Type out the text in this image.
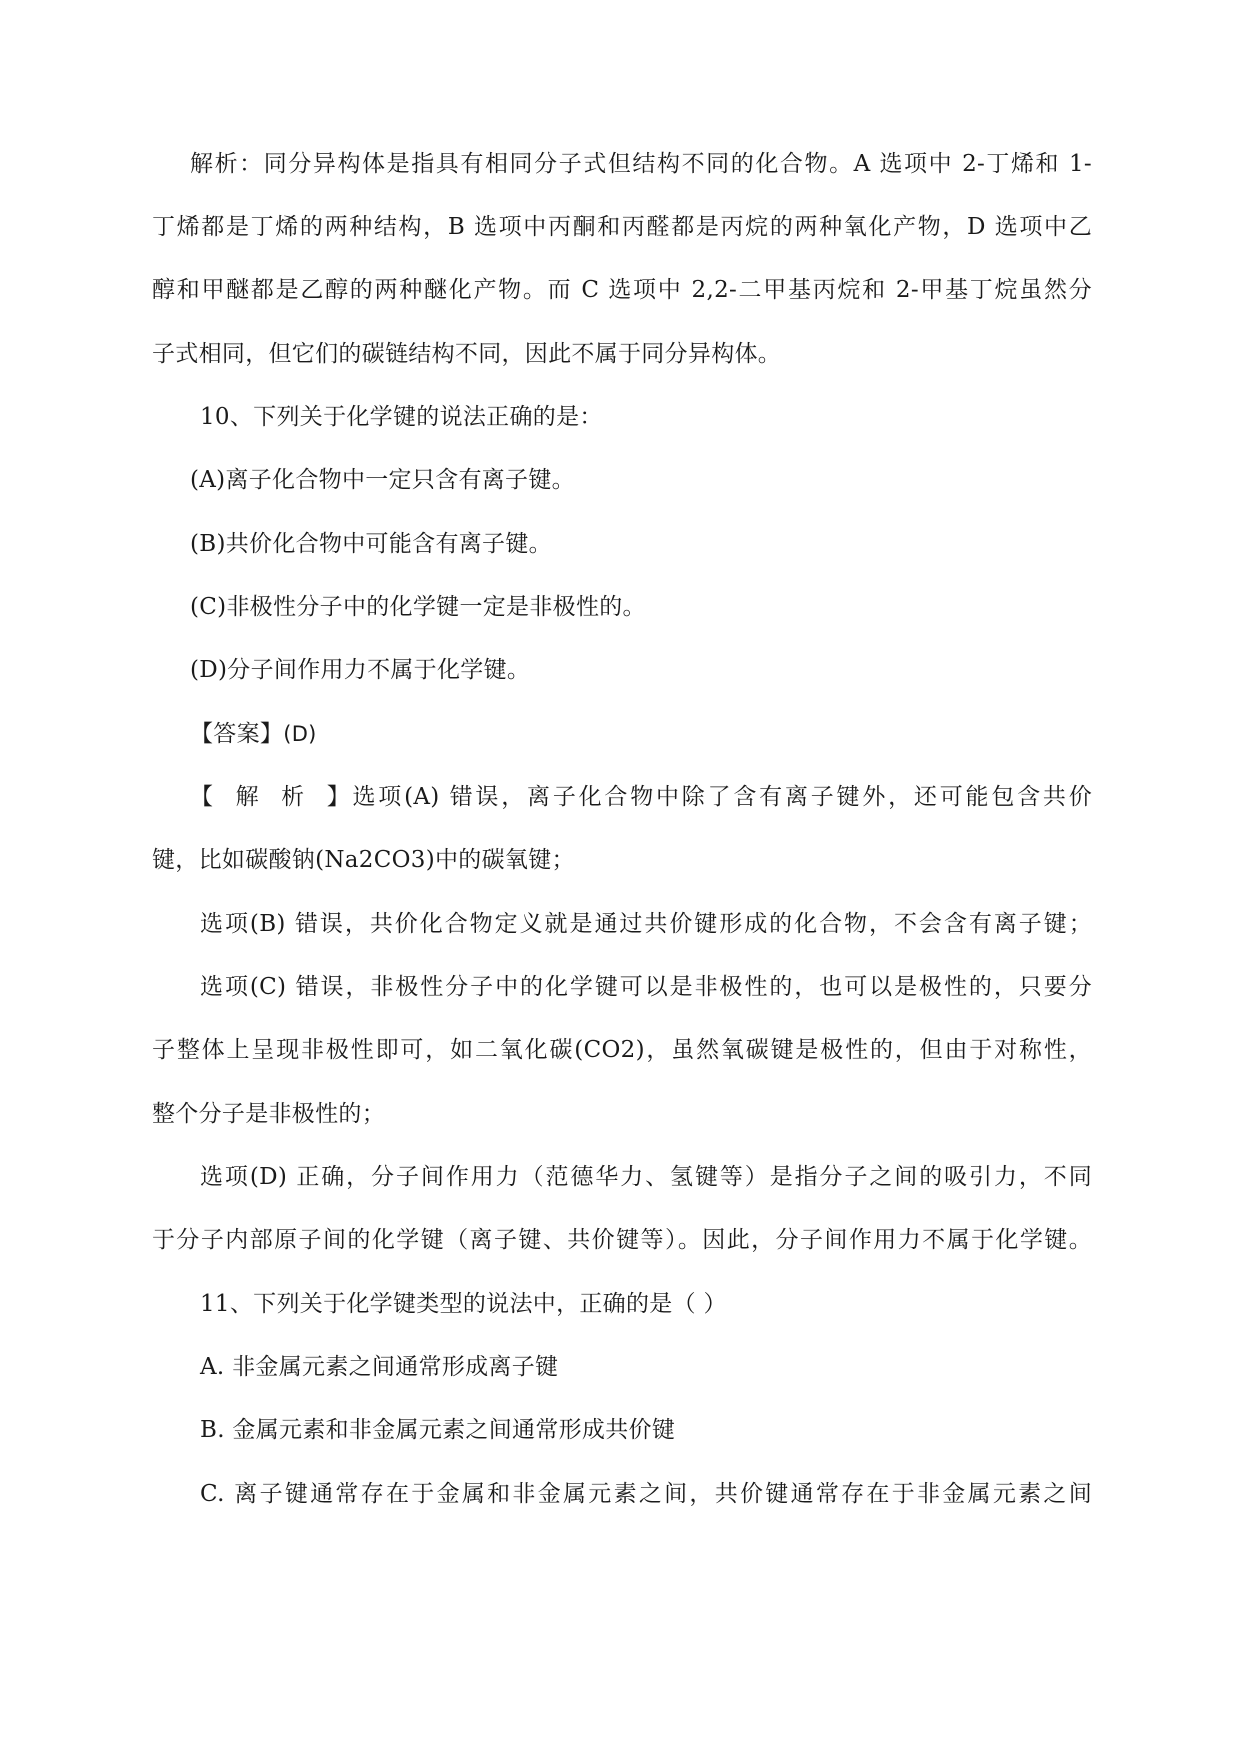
解析：同分异构体是指具有相同分子式但结构不同的化合物。A 选项中 2-丁烯和 1-

丁烯都是丁烯的两种结构，B 选项中丙酮和丙醛都是丙烷的两种氧化产物，D 选项中乙

醇和甲醚都是乙醇的两种醚化产物。而 C 选项中 2,2-二甲基丙烷和 2-甲基丁烷虽然分

子式相同，但它们的碳链结构不同，因此不属于同分异构体。

10、下列关于化学键的说法正确的是：

(A)离子化合物中一定只含有离子键。

(B)共价化合物中可能含有离子键。

(C)非极性分子中的化学键一定是非极性的。

(D)分子间作用力不属于化学键。

【答案】(D)

【解析】选项(A) 错误，离子化合物中除了含有离子键外，还可能包含共价

键，比如碳酸钠(Na2CO3)中的碳氧键；

选项(B) 错误，共价化合物定义就是通过共价键形成的化合物，不会含有离子键；

选项(C) 错误，非极性分子中的化学键可以是非极性的，也可以是极性的，只要分

子整体上呈现非极性即可，如二氧化碳(CO2)，虽然氧碳键是极性的，但由于对称性，

整个分子是非极性的；

选项(D) 正确，分子间作用力（范德华力、氢键等）是指分子之间的吸引力，不同

于分子内部原子间的化学键（离子键、共价键等）。因此，分子间作用力不属于化学键。

11、下列关于化学键类型的说法中，正确的是（ ）

A. 非金属元素之间通常形成离子键

B. 金属元素和非金属元素之间通常形成共价键

C. 离子键通常存在于金属和非金属元素之间，共价键通常存在于非金属元素之间
